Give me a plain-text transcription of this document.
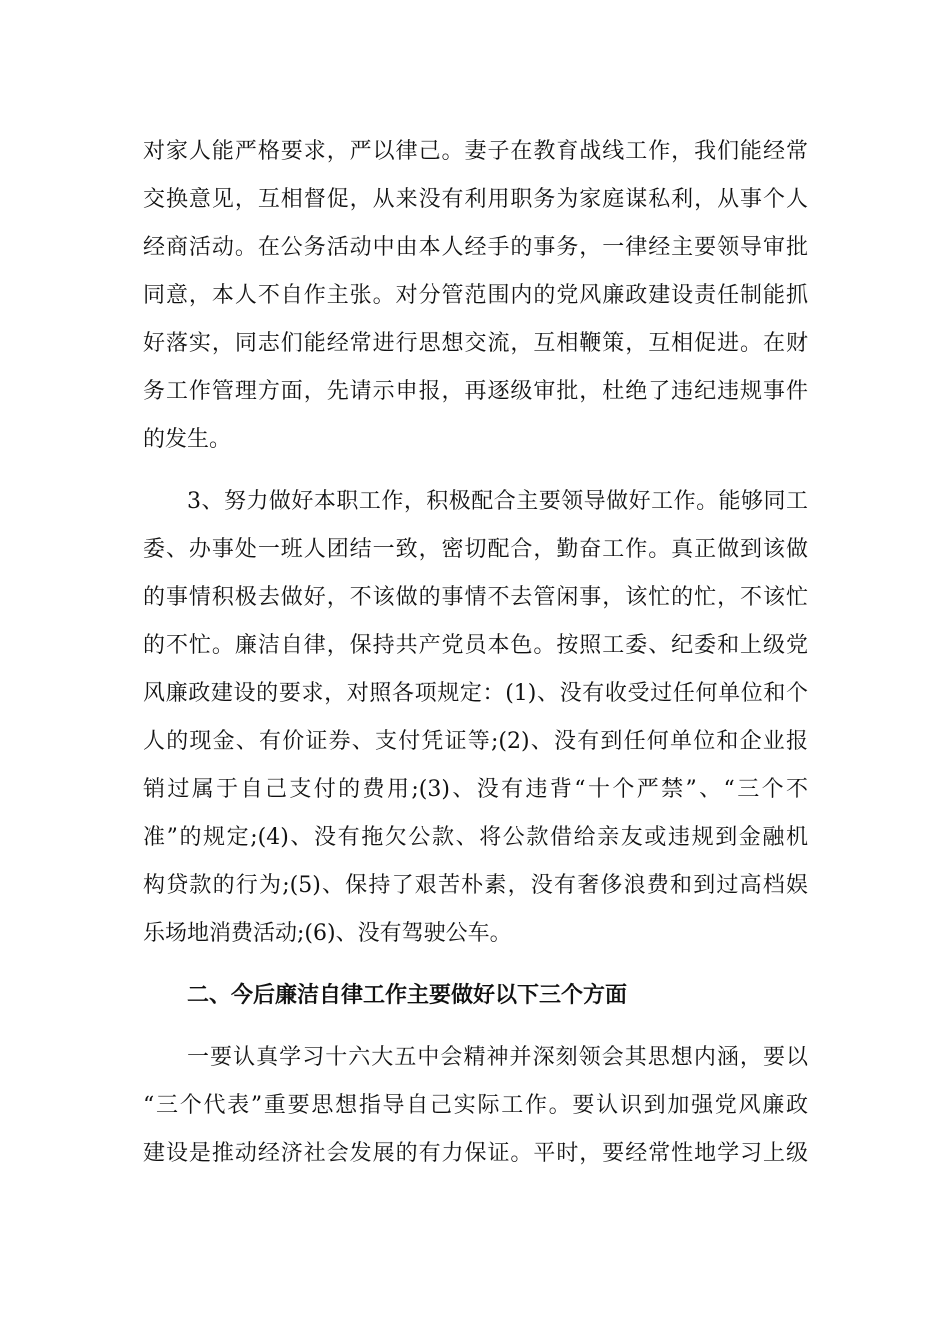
对家人能严格要求，严以律己。妻子在教育战线工作，我们能经常
交换意见，互相督促，从来没有利用职务为家庭谋私利，从事个人
经商活动。在公务活动中由本人经手的事务，一律经主要领导审批
同意，本人不自作主张。对分管范围内的党风廉政建设责任制能抓
好落实，同志们能经常进行思想交流，互相鞭策，互相促进。在财
务工作管理方面，先请示申报，再逐级审批，杜绝了违纪违规事件
的发生。
3、努力做好本职工作，积极配合主要领导做好工作。能够同工
委、办事处一班人团结一致，密切配合，勤奋工作。真正做到该做
的事情积极去做好，不该做的事情不去管闲事，该忙的忙，不该忙
的不忙。廉洁自律，保持共产党员本色。按照工委、纪委和上级党
风廉政建设的要求，对照各项规定：(1)、没有收受过任何单位和个
人的现金、有价证券、支付凭证等;(2)、没有到任何单位和企业报
销过属于自己支付的费用;(3)、没有违背“十个严禁”、“三个不
准”的规定;(4)、没有拖欠公款、将公款借给亲友或违规到金融机
构贷款的行为;(5)、保持了艰苦朴素，没有奢侈浪费和到过高档娱
乐场地消费活动;(6)、没有驾驶公车。
二、今后廉洁自律工作主要做好以下三个方面
一要认真学习十六大五中会精神并深刻领会其思想内涵，要以
“三个代表”重要思想指导自己实际工作。要认识到加强党风廉政
建设是推动经济社会发展的有力保证。平时，要经常性地学习上级
